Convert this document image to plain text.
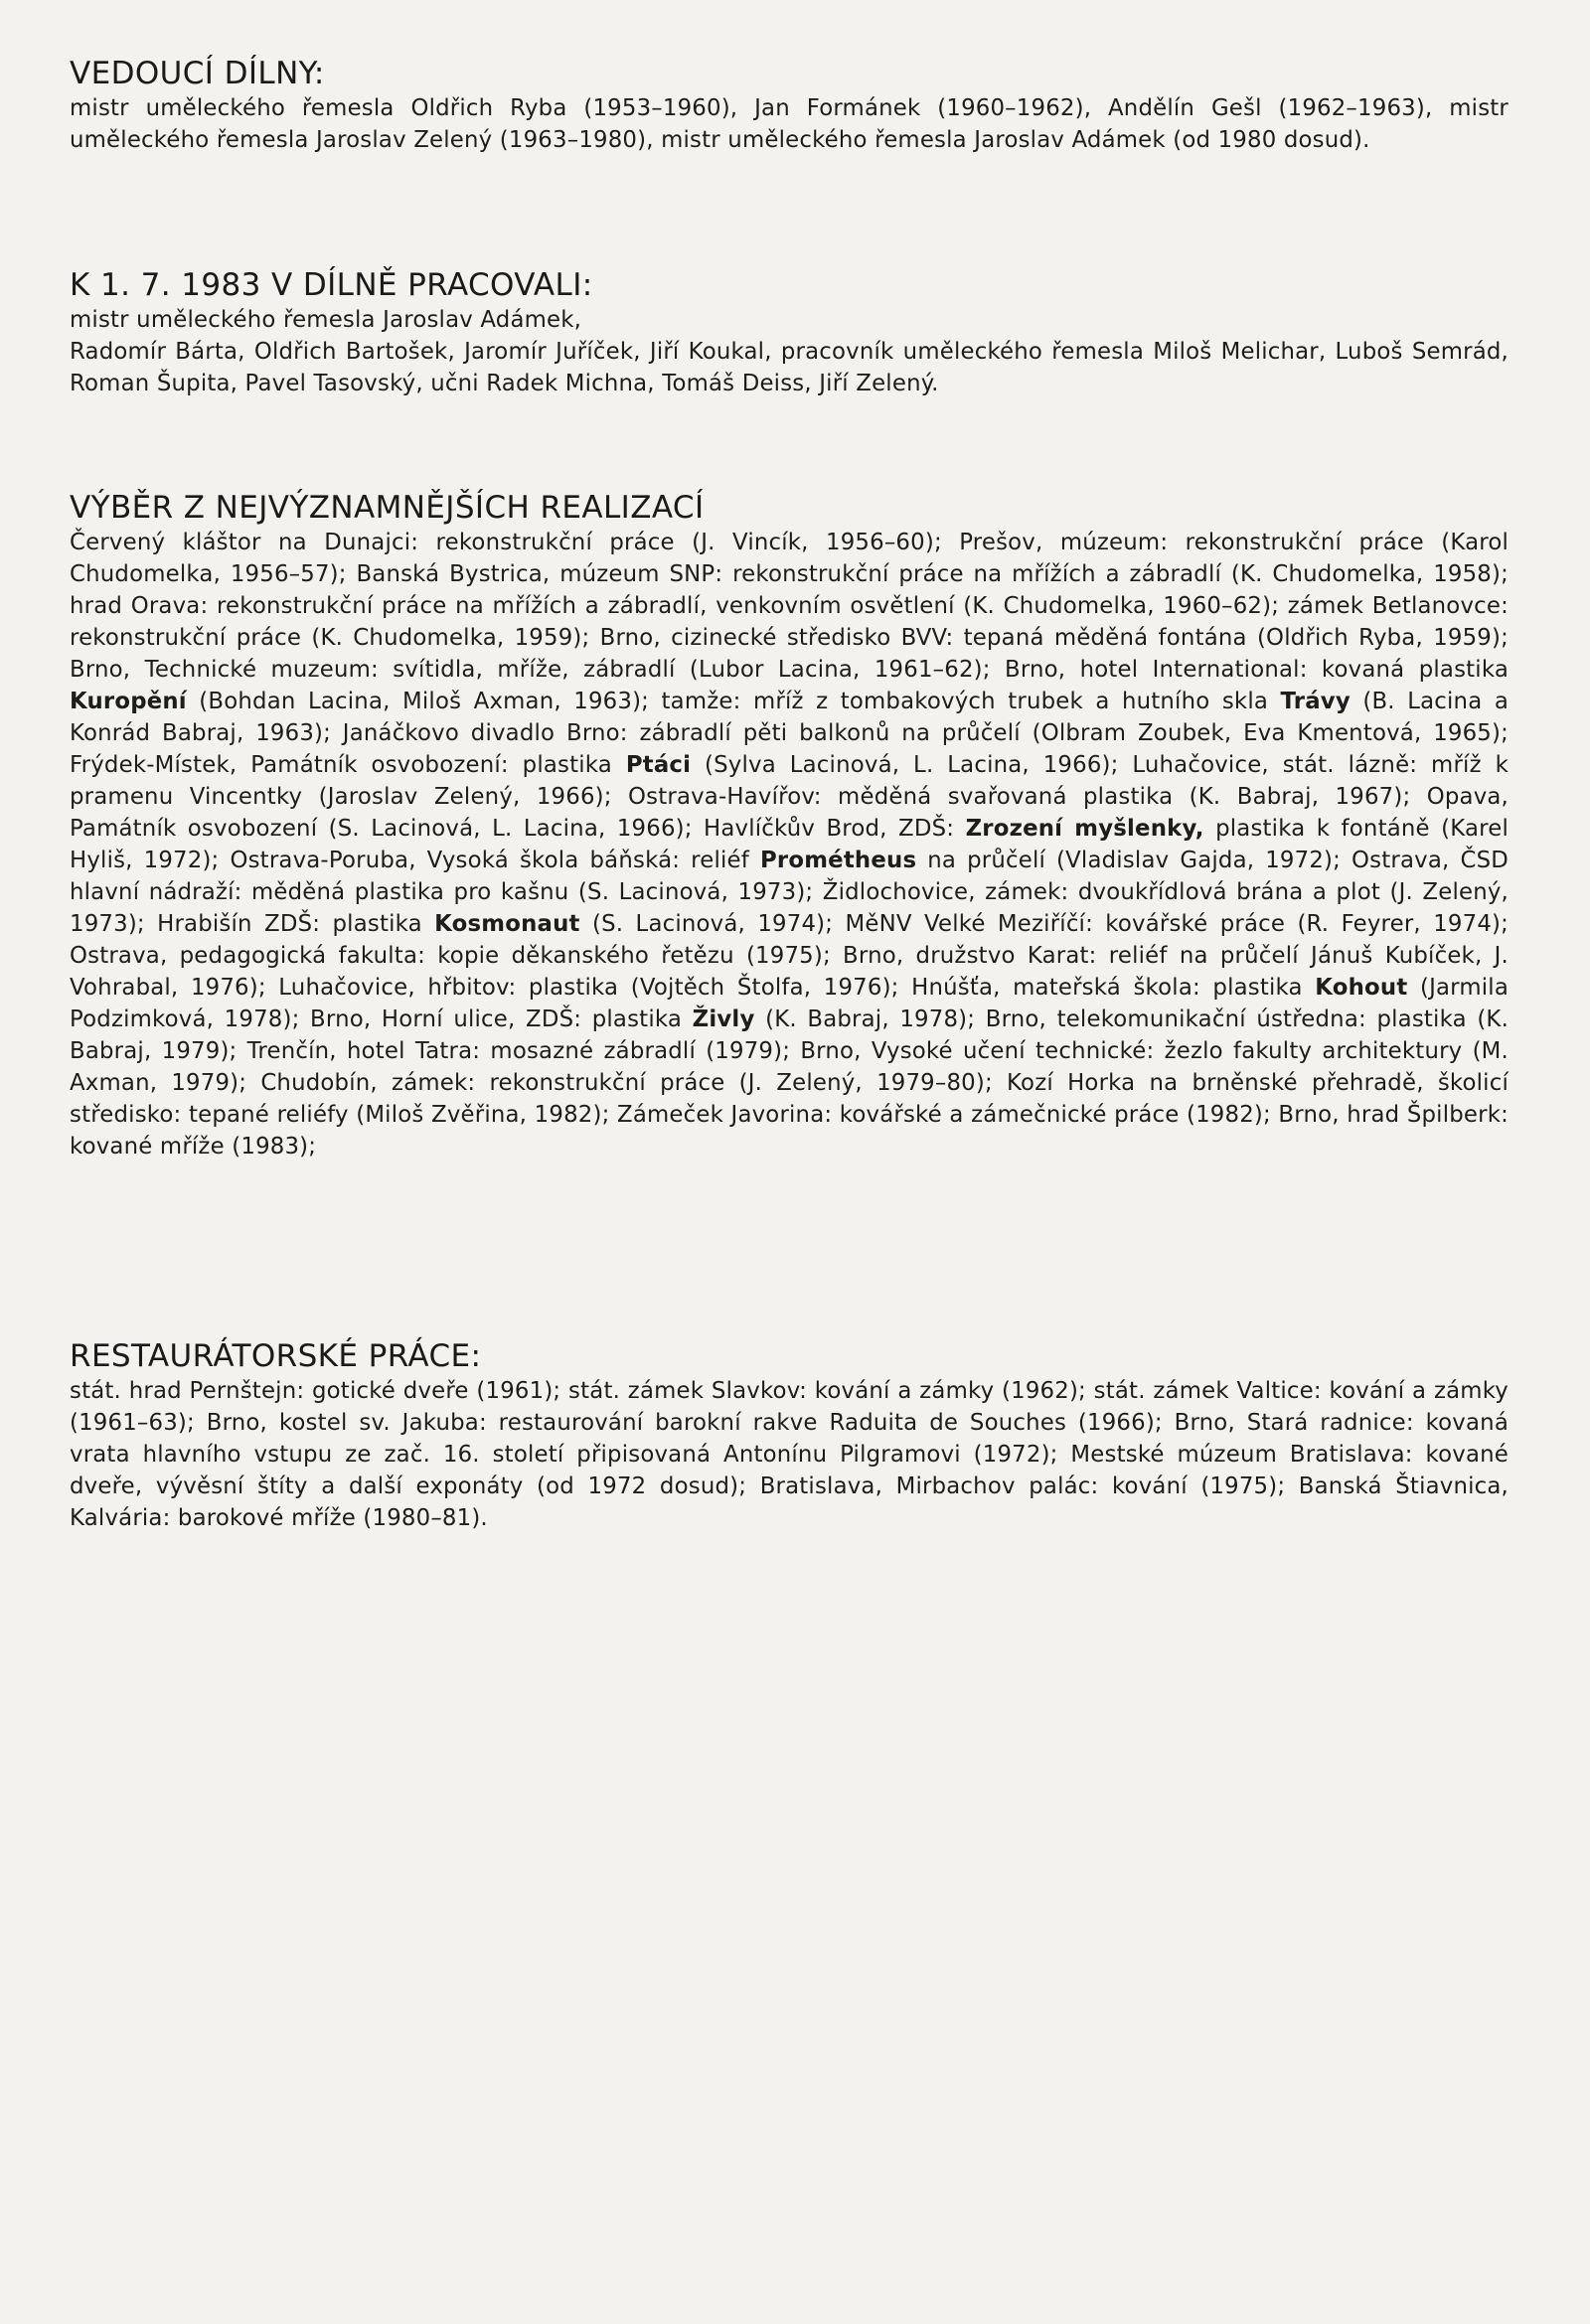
VEDOUCÍ DÍLNY:

mistr uměleckého řemesla Oldřich Ryba (1953–1960), Jan Formánek (1960–1962), Andělín Gešl (1962–1963), mistr uměleckého řemesla Jaroslav Zelený (1963–1980), mistr uměleckého řemesla Jaroslav Adámek (od 1980 dosud).

K 1. 7. 1983 V DÍLNĚ PRACOVALI:

mistr uměleckého řemesla Jaroslav Adámek,

Radomír Bárta, Oldřich Bartošek, Jaromír Juříček, Jiří Koukal, pracovník uměleckého řemesla Miloš Melichar, Luboš Semrád, Roman Šupita, Pavel Tasovský, učni Radek Michna, Tomáš Deiss, Jiří Zelený.

VÝBĚR Z NEJVÝZNAMNĚJŠÍCH REALIZACÍ

Červený kláštor na Dunajci: rekonstrukční práce (J. Vincík, 1956–60); Prešov, múzeum: rekonstrukční práce (Karol Chudomelka, 1956–57); Banská Bystrica, múzeum SNP: rekonstrukční práce na mřížích a zábradlí (K. Chudomelka, 1958); hrad Orava: rekonstrukční práce na mřížích a zábradlí, venkovním osvětlení (K. Chudomelka, 1960–62); zámek Betlanovce: rekonstrukční práce (K. Chudomelka, 1959); Brno, cizinecké středisko BVV: tepaná měděná fontána (Oldřich Ryba, 1959); Brno, Technické muzeum: svítidla, mříže, zábradlí (Lubor Lacina, 1961–62); Brno, hotel International: kovaná plastika Kuropění (Bohdan Lacina, Miloš Axman, 1963); tamže: mříž z tombakových trubek a hutního skla Trávy (B. Lacina a Konrád Babraj, 1963); Janáčkovo divadlo Brno: zábradlí pěti balkonů na průčelí (Olbram Zoubek, Eva Kmentová, 1965); Frýdek-Místek, Památník osvobození: plastika Ptáci (Sylva Lacinová, L. Lacina, 1966); Luhačovice, stát. lázně: mříž k pramenu Vincentky (Jaroslav Zelený, 1966); Ostrava-Havířov: měděná svařovaná plastika (K. Babraj, 1967); Opava, Památník osvobození (S. Lacinová, L. Lacina, 1966); Havlíčkův Brod, ZDŠ: Zrození myšlenky, plastika k fontáně (Karel Hyliš, 1972); Ostrava-Poruba, Vysoká škola báňská: reliéf Prométheus na průčelí (Vladislav Gajda, 1972); Ostrava, ČSD hlavní nádraží: měděná plastika pro kašnu (S. Lacinová, 1973); Židlochovice, zámek: dvoukřídlová brána a plot (J. Zelený, 1973); Hrabišín ZDŠ: plastika Kosmonaut (S. Lacinová, 1974); MěNV Velké Meziříčí: kovářské práce (R. Feyrer, 1974); Ostrava, pedagogická fakulta: kopie děkanského řetězu (1975); Brno, družstvo Karat: reliéf na průčelí Jánuš Kubíček, J. Vohrabal, 1976); Luhačovice, hřbitov: plastika (Vojtěch Štolfa, 1976); Hnúšťa, mateřská škola: plastika Kohout (Jarmila Podzimková, 1978); Brno, Horní ulice, ZDŠ: plastika Živly (K. Babraj, 1978); Brno, telekomunikační ústředna: plastika (K. Babraj, 1979); Trenčín, hotel Tatra: mosazné zábradlí (1979); Brno, Vysoké učení technické: žezlo fakulty architektury (M. Axman, 1979); Chudobín, zámek: rekonstrukční práce (J. Zelený, 1979–80); Kozí Horka na brněnské přehradě, školicí středisko: tepané reliéfy (Miloš Zvěřina, 1982); Zámeček Javorina: kovářské a zámečnické práce (1982); Brno, hrad Špilberk: kované mříže (1983);

RESTAURÁTORSKÉ PRÁCE:

stát. hrad Pernštejn: gotické dveře (1961); stát. zámek Slavkov: kování a zámky (1962); stát. zámek Valtice: kování a zámky (1961–63); Brno, kostel sv. Jakuba: restaurování barokní rakve Raduita de Souches (1966); Brno, Stará radnice: kovaná vrata hlavního vstupu ze zač. 16. století připisovaná Antonínu Pilgramovi (1972); Mestské múzeum Bratislava: kované dveře, vývěsní štíty a další exponáty (od 1972 dosud); Bratislava, Mirbachov palác: kování (1975); Banská Štiavnica, Kalvária: barokové mříže (1980–81).
